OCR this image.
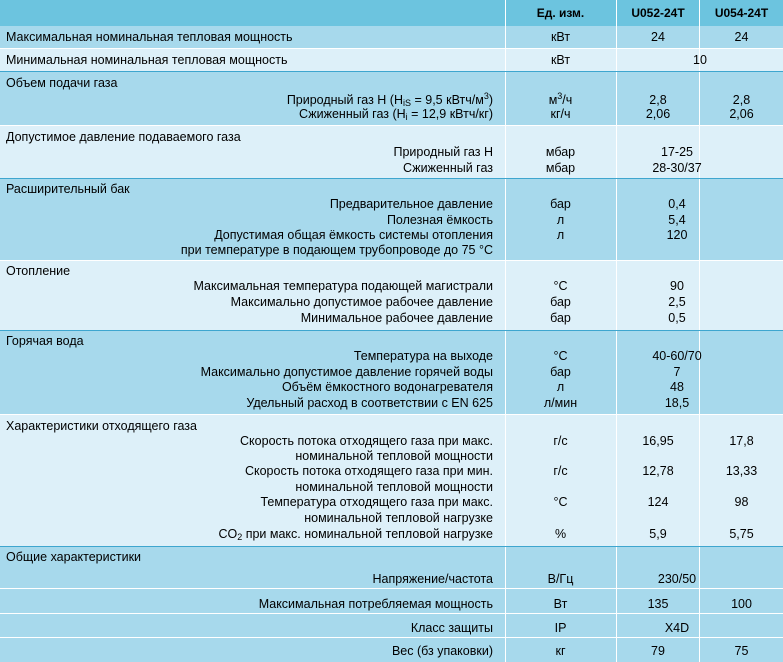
Ед. изм.	U052-24T	U054-24T
Максимальная номинальная тепловая мощность	кВт	24	24
Минимальная номинальная тепловая мощность	кВт	10
Объем подачи газа
Природный газ H ($H_{iS} = 9,5$ кВтч/$м^3$)	$м^3/ч$	2,8	2,8
Сжиженный газ ($H_i = 12,9$ кВтч/кг)	кг/ч	2,06	2,06
Допустимое давление подаваемого газа
Природный газ H	мбар	17-25
Сжиженный газ	мбар	28-30/37
Расширительный бак
Предварительное давление	бар	0,4
Полезная ёмкость	л	5,4
Допустимая общая ёмкость системы отопления	л	120
при температуре в подающем трубопроводе до 75 °С
Отопление
Максимальная температура подающей магистрали	°С	90
Максимально допустимое рабочее давление	бар	2,5
Минимальное рабочее давление	бар	0,5
Горячая вода
Температура на выходе	°С	40-60/70
Максимально допустимое давление горячей воды	бар	7
Объём ёмкостного водонагревателя	л	48
Удельный расход в соответствии с EN 625	л/мин	18,5
Характеристики отходящего газа
Скорость потока отходящего газа при макс.	г/с	16,95	17,8
номинальной тепловой мощности
Скорость потока отходящего газа при мин.	г/с	12,78	13,33
номинальной тепловой мощности
Температура отходящего газа при макс.	°С	124	98
номинальной тепловой нагрузке
$CO_2$ при макс. номинальной тепловой нагрузке	%	5,9	5,75
Общие характеристики
Напряжение/частота	В/Гц	230/50
Максимальная потребляемая мощность	Вт	135	100
Класс защиты	IP	X4D
Вес (бз упаковки)	кг	79	75
